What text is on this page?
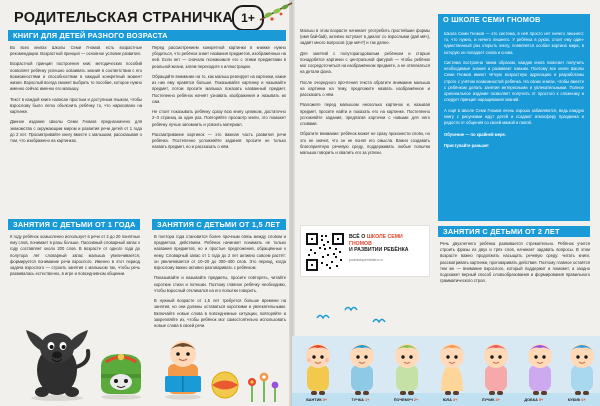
РОДИТЕЛЬСКАЯ СТРАНИЧКА 1+
КНИГИ ДЛЯ ДЕТЕЙ РАЗНОГО ВОЗРАСТА

Во всех книгах Школы Семи Гномов есть возрастные рекомендации. Возрастной принцип — основное условие развития.

Возрастной принцип построения книг, методических пособий позволяет ребёнку успешно осваивать знания в соответствии с его возможностями и способностями в каждый конкретный момент жизни. Взрослый всегда сможет выбрать то пособие, которое нужно именно сейчас именно его малышу.

Текст в каждой книге написан простым и доступным языком, чтобы взрослому было легко объяснить ребёнку то, что нарисовано на картинке.

Данное издание Школы Семи Гномов предназначено для знакомства с окружающим миром и развития речи детей от 1 года до 2 лет. Просматривайте книгу вместе с малышом, рассказывая о том, что изображено на картинках.

Перед рассмотрением конкретной картинки в книжке нужно убедиться, что ребёнок знает названия предметов, изображённых на ней. Если нет — сначала познакомьте его с этими предметами в реальной жизни, затем переходите к иллюстрации.

Обращайте внимание на то, как малыш реагирует на картинки, какие из них ему нравятся больше. Показывайте картинку и называйте предмет, потом просите малыша показать названный предмет. Постепенно ребёнок начнёт узнавать изображения и называть их сам.

Не стоит показывать ребёнку сразу всю книгу целиком, достаточно 2–3 страниц за один раз. Повторяйте просмотр книги, это поможет ребёнку лучше запомнить и усвоить материал.

Рассматривание картинок — это важная часть развития речи ребёнка. Постепенно усложняйте задания: просите не только назвать предмет, но и рассказать о нём.

ЗАНЯТИЯ С ДЕТЬМИ ОТ 1 ГОДА

К году ребёнок осмысленно использует в речи от 2 до 20 понятных ему слов, понимает в разы больше. Пассивный словарный запас к году составляет около 200 слов. В возрасте от одного года до полутора лет словарный запас малыша увеличивается, формируется понимание речи взрослого. Именно в этот период задача взрослого — строить занятия с малышом так, чтобы речь развивалась естественно, в игре и повседневном общении.

ЗАНЯТИЯ С ДЕТЬМИ ОТ 1,5 ЛЕТ

В полтора года становится более прочным связь между словом и предметом, действием. Ребёнок начинает понимать не только названия предметов, но и простые предложения, обращённые к нему. Словарный запас от 1 года до 2 лет активно совсем растёт: он увеличивается от 10–20 до 300–400 слов. Это период, когда взрослому важно активно разговаривать с ребёнком.

Показывайте и называйте предметы, просите повторять, читайте короткие стихи и потешки. Поэтому главное ребёнку необходимо, чтобы взрослый откликался на его попытки говорить.

В нужный возрасте от 1,5 лет требуется больше времени на занятия, но они должны оставаться короткими и увлекательными. Включайте новые слова в повседневные ситуации, повторяйте и закрепляйте их, чтобы ребёнок мог самостоятельно использовать новые слова в своей речи.

Малыш в этом возрасте начинает употребить простейшие формы (имя бай-бай), активно вступает в диалог со взрослыми (дай мяч), задаёт много вопросов (где мяч?) и так далее.

Для занятий с полуторагодовалым ребёнком и старше понадобятся картинки с центральной фигурой — чтобы ребёнок мог сосредоточиться на изображённом предмете, а не отвлекаться на детали фона.

После очередного прочтения текста обратите внимание малыша на картинки на тему, предложите назвать изображённое и рассказать о нём.

Разложите перед малышом несколько картинок и, называя предмет, просите найти и показать его на картинке. Постепенно усложняйте задания, предлагая карточки с новыми для него словами.

Обратите внимание: ребёнок может не сразу произнести слово, но это не значит, что он не понял его смысла. Важно создавать благоприятную речевую среду, поддерживать любые попытки малыша говорить и хвалить его за успехи.

О ШКОЛЕ СЕМИ ГНОМОВ

Школа Семи Гномов — это система, в неё просто нет ничего лишнего: то, что нужно, и ничего лишнего. У ребёнка в руках, стоит ему один-единственный раз открыть книгу, появляется особая картина мира, в которую он попадает снова и снова.

Система построена таким образом, каждая книга помогает получить необходимые знания и развивает навыки. Поэтому все книги Школы Семи Гномов имеют чёткую возрастную адресацию и разработаны строго с учётом возможностей ребёнка. На своих книгах, чтобы вместе с ребёнком делать занятия интересными и увлекательными. Полное оригинальное издание позволяет получить от простого к сложному и следует принцип наращивания знаний.

А ещё в Школе Семи Гномов очень хорошо забавляются, ведь каждую книгу с рисунками ждут детей и создают атмосферу праздника и радости от общения со своей мамой и папой.

Обучение — по крайней мере.

Приступайте раньше!

ЗАНЯТИЯ С ДЕТЬМИ ОТ 2 ЛЕТ

Речь двухлетнего ребёнка развивается стремительно. Ребёнок учится строить фразы из двух и трёх слов, начинает задавать вопросы. В этом возрасте важно продолжать насыщать речевую среду: читать книги, рассматривать картинки, проговаривать действия. Поэтому главное остаётся тем же — внимание взрослого, который поддержит и поможет, а заодно подскажет верный способ словообразования и формирования правильного грамматического строя.

ВСЁ О ШКОЛЕ СЕМИ ГНОМОВ
И РАЗВИТИИ РЕБЁНКА
podrastayembistro.ru
БАНТИК 0+	ТУЧКА 1+	ПОЧЕМУЧ 2+	ЮЛА 3+	ЛУЧИК 4+	ДОБКА 5+	КУБИК 6+
